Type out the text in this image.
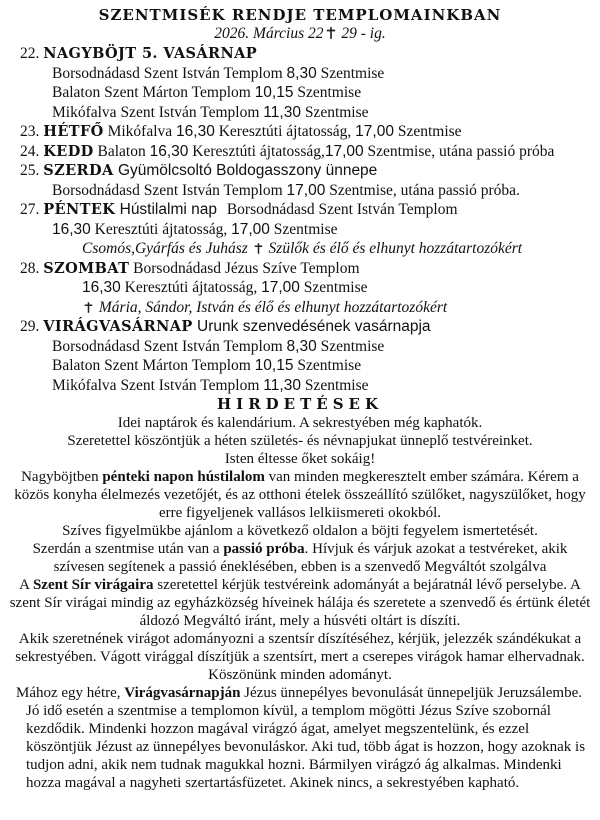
SZENTMISÉK RENDJE TEMPLOMAINKBAN
2026. Március 22
29 - ig.
22. NAGYBÖJT 5. VASÁRNAP
Borsodnádasd Szent István Templom 8,30 Szentmise
Balaton Szent Márton Templom 10,15 Szentmise
Mikófalva Szent István Templom 11,30 Szentmise
23. HÉTFŐ Mikófalva 16,30 Keresztúti ájtatosság, 17,00 Szentmise
24. KEDD Balaton 16,30 Keresztúti ájtatosság,17,00 Szentmise, utána passió próba
25. SZERDA Gyümölcsoltó Boldogasszony ünnepe
Borsodnádasd Szent István Templom 17,00 Szentmise, utána passió próba.
27. PÉNTEK Hústilalmi nap Borsodnádasd Szent István Templom
16,30 Keresztúti ájtatosság, 17,00 Szentmise
Csomós,Gyárfás és Juhász
Szülők és élő és elhunyt hozzátartozókért
28. SZOMBAT Borsodnádasd Jézus Szíve Templom
16,30 Keresztúti ájtatosság, 17,00 Szentmise
Mária, Sándor, István és élő és elhunyt hozzátartozókért
29. VIRÁGVASÁRNAP Urunk szenvedésének vasárnapja
Borsodnádasd Szent István Templom 8,30 Szentmise
Balaton Szent Márton Templom 10,15 Szentmise
Mikófalva Szent István Templom 11,30 Szentmise
HIRDETÉSEK

Idei naptárok és kalendárium. A sekrestyében még kaphatók.

Szeretettel köszöntjük a héten születés- és névnapjukat ünneplő testvéreinket.

Isten éltesse őket sokáig!

Nagyböjtben pénteki napon hústilalom van minden megkeresztelt ember számára. Kérem a közös konyha élelmezés vezetőjét, és az otthoni ételek összeállító szülőket, nagyszülőket, hogy erre figyeljenek vallásos lelkiismereti okokból.

Szíves figyelmükbe ajánlom a következő oldalon a böjti fegyelem ismertetését.

Szerdán a szentmise után van a passió próba. Hívjuk és várjuk azokat a testvéreket, akik szívesen segítenek a passió éneklésében, ebben is a szenvedő Megváltót szolgálva

A Szent Sír virágaira szeretettel kérjük testvéreink adományát a bejáratnál lévő perselybe. A szent Sír virágai mindig az egyházközség híveinek hálája és szeretete a szenvedő és értünk életét áldozó Megváltó iránt, mely a húsvéti oltárt is díszíti.

Akik szeretnének virágot adományozni a szentsír díszítéséhez, kérjük, jelezzék szándékukat a sekrestyében. Vágott virággal díszítjük a szentsírt, mert a cserepes virágok hamar elhervadnak. Köszönünk minden adományt.

Mához egy hétre, Virágvasárnapján Jézus ünnepélyes bevonulását ünnepeljük Jeruzsálembe. Jó idő esetén a szentmise a templomon kívül, a templom mögötti Jézus Szíve szobornál kezdődik. Mindenki hozzon magával virágzó ágat, amelyet megszentelünk, és ezzel köszöntjük Jézust az ünnepélyes bevonuláskor. Aki tud, több ágat is hozzon, hogy azoknak is tudjon adni, akik nem tudnak magukkal hozni. Bármilyen virágzó ág alkalmas. Mindenki hozza magával a nagyheti szertartásfüzetet. Akinek nincs, a sekrestyében kapható.
